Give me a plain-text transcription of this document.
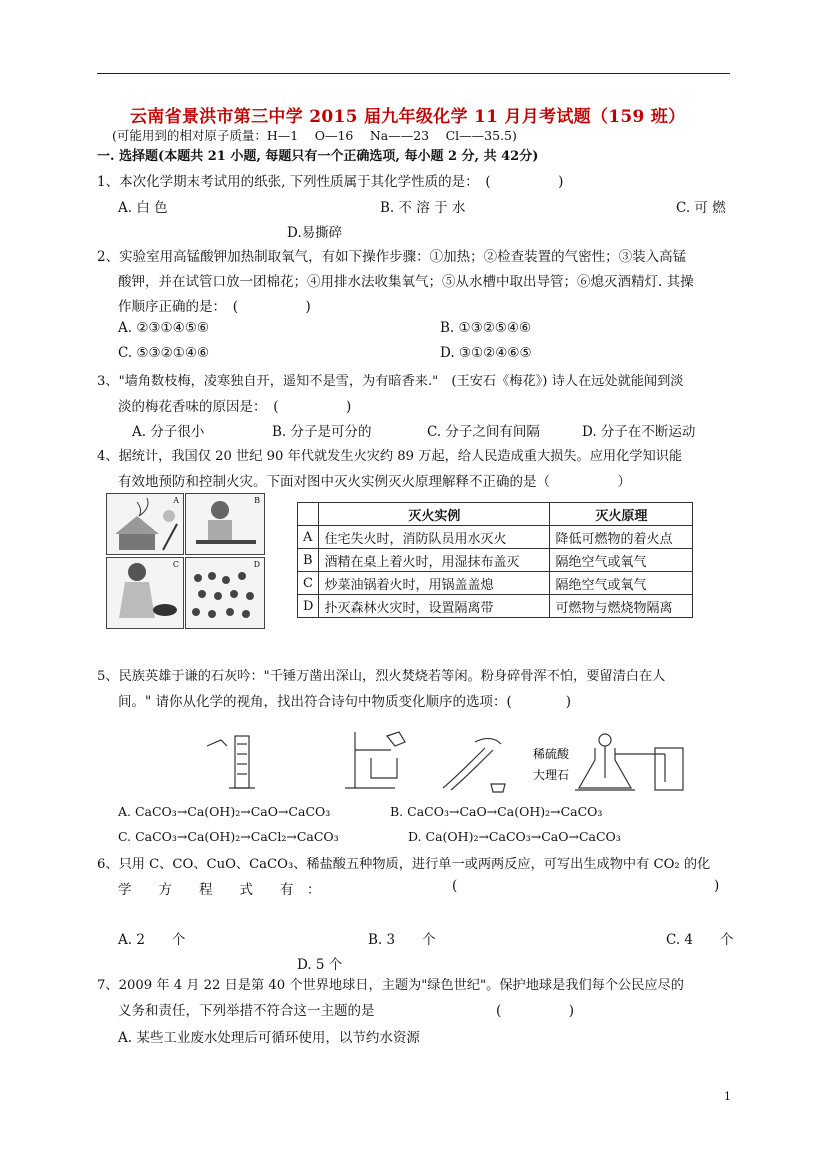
云南省景洪市第三中学 2015 届九年级化学 11 月月考试题（159 班）
(可能用到的相对原子质量：H—1　 O—16　 Na——23　 Cl——35.5)
一. 选择题(本题共 21 小题, 每题只有一个正确选项, 每小题 2 分, 共 42分)
1、本次化学期末考试用的纸张, 下列性质属于其化学性质的是：　(　　　　　)
A. 白 色	B. 不 溶 于 水	C. 可 燃
D.易撕碎
2、实验室用高锰酸钾加热制取氧气，有如下操作步骤：①加热；②检查装置的气密性；③装入高锰
酸钾，并在试管口放一团棉花；④用排水法收集氧气；⑤从水槽中取出导管；⑥熄灭酒精灯. 其操
作顺序正确的是：　(　　　　　)
A. ②③①④⑤⑥	B. ①③②⑤④⑥
C. ⑤③②①④⑥	D. ③①②④⑥⑤
3、"墙角数枝梅，凌寒独自开，遥知不是雪，为有暗香来."　(王安石《梅花》) 诗人在远处就能闻到淡
淡的梅花香味的原因是：　(　　　　　)
A. 分子很小	B. 分子是可分的	C. 分子之间有间隔	D. 分子在不断运动
4、据统计，我国仅 20 世纪 90 年代就发生火灾约 89 万起，给人民造成重大损失。应用化学知识能
有效地预防和控制火灾。下面对图中灭火实例灭火原理解释不正确的是（　　　　　）
A	B
C	D
	灭火实例	灭火原理
A	住宅失火时，消防队员用水灭火	降低可燃物的着火点
B	酒精在桌上着火时，用湿抹布盖灭	隔绝空气或氧气
C	炒菜油锅着火时，用锅盖盖熄	隔绝空气或氧气
D	扑灭森林火灾时，设置隔离带	可燃物与燃烧物隔离
5、民族英雄于谦的石灰吟："千锤万凿出深山，烈火焚烧若等闲。粉身碎骨浑不怕，要留清白在人
间。" 请你从化学的视角，找出符合诗句中物质变化顺序的选项：(　　　　)
稀硫酸
大理石
A. CaCO₃→Ca(OH)₂→CaO→CaCO₃	B. CaCO₃→CaO→Ca(OH)₂→CaCO₃
C. CaCO₃→Ca(OH)₂→CaCl₂→CaCO₃	D. Ca(OH)₂→CaCO₃→CaO→CaCO₃
6、只用 C、CO、CuO、CaCO₃、稀盐酸五种物质，进行单一或两两反应，可写出生成物中有 CO₂ 的化
学　　方　　程　　式　　有　：	(	)
A. 2　　个	B. 3　　个	C. 4　　个
D. 5 个
7、2009 年 4 月 22 日是第 40 个世界地球日，主题为"绿色世纪"。保护地球是我们每个公民应尽的
义务和责任，下列举措不符合这一主题的是　　　　　　　　　(　　　　　)
A. 某些工业废水处理后可循环使用，以节约水资源
1
